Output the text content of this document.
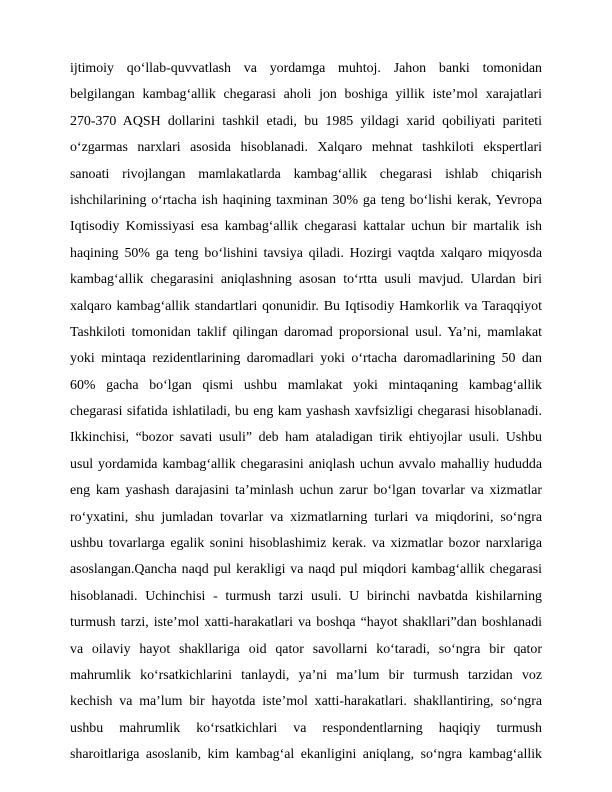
ijtimoiy qo‘llab-quvvatlash va yordamga muhtoj. Jahon banki tomonidan
belgilangan kambag‘allik chegarasi aholi jon boshiga yillik iste’mol xarajatlari
270-370 AQSH dollarini tashkil etadi, bu 1985 yildagi xarid qobiliyati pariteti
o‘zgarmas narxlari asosida hisoblanadi. Xalqaro mehnat tashkiloti ekspertlari
sanoati rivojlangan mamlakatlarda kambag‘allik chegarasi ishlab chiqarish
ishchilarining o‘rtacha ish haqining taxminan 30% ga teng bo‘lishi kerak, Yevropa
Iqtisodiy Komissiyasi esa kambag‘allik chegarasi kattalar uchun bir martalik ish
haqining 50% ga teng bo‘lishini tavsiya qiladi. Hozirgi vaqtda xalqaro miqyosda
kambag‘allik chegarasini aniqlashning asosan to‘rtta usuli mavjud. Ulardan biri
xalqaro kambag‘allik standartlari qonunidir. Bu Iqtisodiy Hamkorlik va Taraqqiyot
Tashkiloti tomonidan taklif qilingan daromad proporsional usul. Ya’ni, mamlakat
yoki mintaqa rezidentlarining daromadlari yoki o‘rtacha daromadlarining 50 dan
60% gacha bo‘lgan qismi ushbu mamlakat yoki mintaqaning kambag‘allik
chegarasi sifatida ishlatiladi, bu eng kam yashash xavfsizligi chegarasi hisoblanadi.
Ikkinchisi, “bozor savati usuli” deb ham ataladigan tirik ehtiyojlar usuli. Ushbu
usul yordamida kambag‘allik chegarasini aniqlash uchun avvalo mahalliy hududda
eng kam yashash darajasini ta’minlash uchun zarur bo‘lgan tovarlar va xizmatlar
ro‘yxatini, shu jumladan tovarlar va xizmatlarning turlari va miqdorini, so‘ngra
ushbu tovarlarga egalik sonini hisoblashimiz kerak. va xizmatlar bozor narxlariga
asoslangan.Qancha naqd pul kerakligi va naqd pul miqdori kambag‘allik chegarasi
hisoblanadi. Uchinchisi - turmush tarzi usuli. U birinchi navbatda kishilarning
turmush tarzi, iste’mol xatti-harakatlari va boshqa “hayot shakllari”dan boshlanadi
va oilaviy hayot shakllariga oid qator savollarni ko‘taradi, so‘ngra bir qator
mahrumlik ko‘rsatkichlarini tanlaydi, ya’ni ma’lum bir turmush tarzidan voz
kechish va ma’lum bir hayotda iste’mol xatti-harakatlari. shakllantiring, so‘ngra
ushbu mahrumlik ko‘rsatkichlari va respondentlarning haqiqiy turmush
sharoitlariga asoslanib, kim kambag‘al ekanligini aniqlang, so‘ngra kambag‘allik
